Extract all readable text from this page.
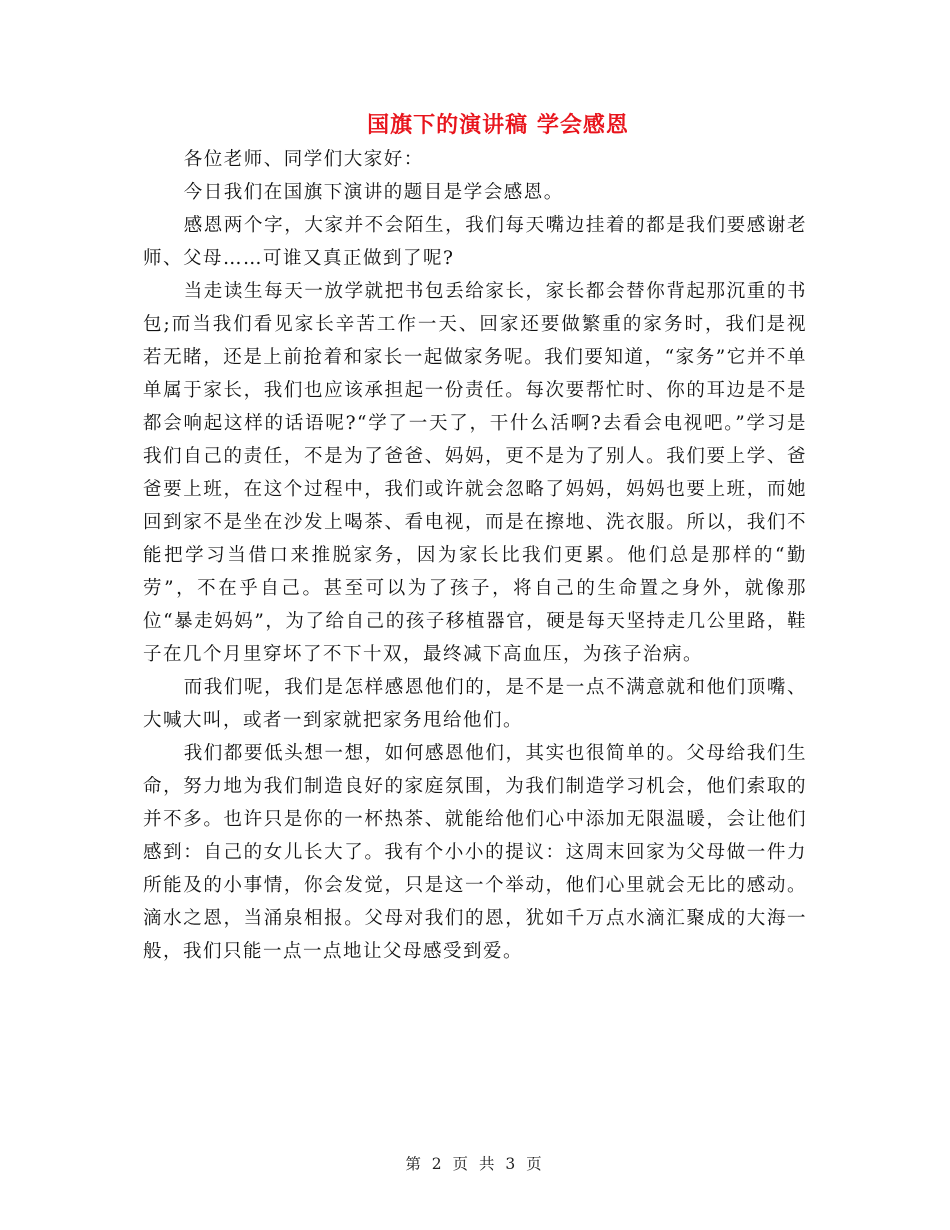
国旗下的演讲稿 学会感恩

各位老师、同学们大家好：

今日我们在国旗下演讲的题目是学会感恩。

感恩两个字，大家并不会陌生，我们每天嘴边挂着的都是我们要感谢老师、父母……可谁又真正做到了呢?

当走读生每天一放学就把书包丢给家长，家长都会替你背起那沉重的书包;而当我们看见家长辛苦工作一天、回家还要做繁重的家务时，我们是视若无睹，还是上前抢着和家长一起做家务呢。我们要知道，“家务”它并不单单属于家长，我们也应该承担起一份责任。每次要帮忙时、你的耳边是不是都会响起这样的话语呢?“学了一天了，干什么活啊?去看会电视吧。”学习是我们自己的责任，不是为了爸爸、妈妈，更不是为了别人。我们要上学、爸爸要上班，在这个过程中，我们或许就会忽略了妈妈，妈妈也要上班，而她回到家不是坐在沙发上喝茶、看电视，而是在擦地、洗衣服。所以，我们不能把学习当借口来推脱家务，因为家长比我们更累。他们总是那样的“勤劳”，不在乎自己。甚至可以为了孩子，将自己的生命置之身外，就像那位“暴走妈妈”，为了给自己的孩子移植器官，硬是每天坚持走几公里路，鞋子在几个月里穿坏了不下十双，最终减下高血压，为孩子治病。

而我们呢，我们是怎样感恩他们的，是不是一点不满意就和他们顶嘴、大喊大叫，或者一到家就把家务甩给他们。

我们都要低头想一想，如何感恩他们，其实也很简单的。父母给我们生命，努力地为我们制造良好的家庭氛围，为我们制造学习机会，他们索取的并不多。也许只是你的一杯热茶、就能给他们心中添加无限温暖，会让他们感到：自己的女儿长大了。我有个小小的提议：这周末回家为父母做一件力所能及的小事情，你会发觉，只是这一个举动，他们心里就会无比的感动。滴水之恩，当涌泉相报。父母对我们的恩，犹如千万点水滴汇聚成的大海一般，我们只能一点一点地让父母感受到爱。

第 2 页 共 3 页
